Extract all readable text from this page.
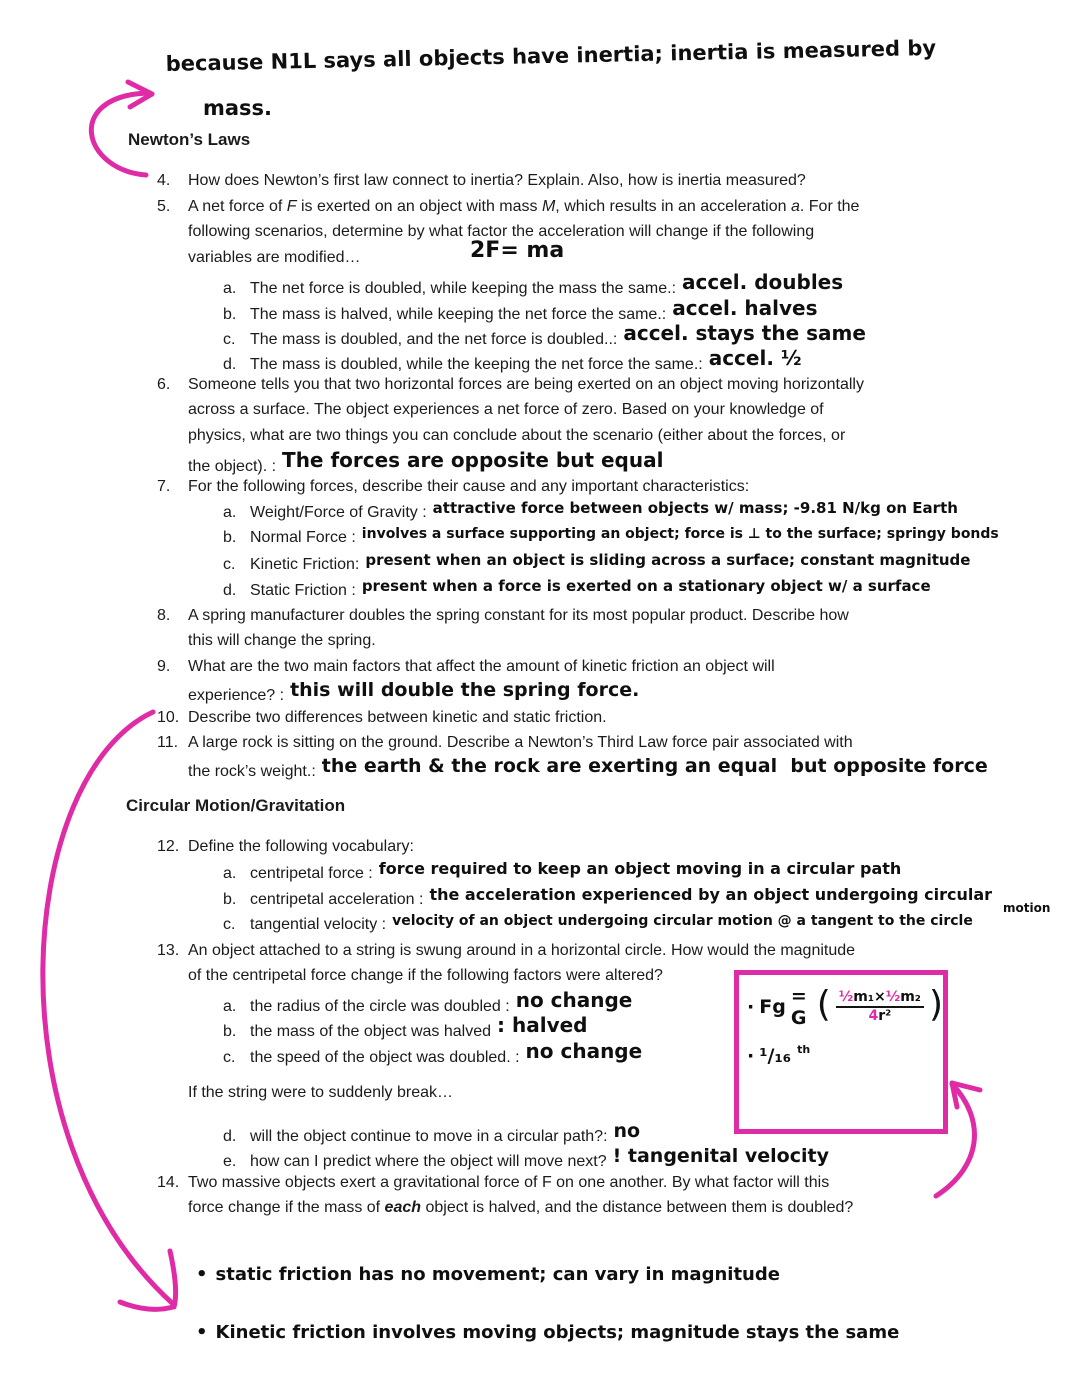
because N1L says all objects have inertia; inertia is measured by
mass.
Newton’s Laws
4. How does Newton’s first law connect to inertia? Explain. Also, how is inertia measured?
5. A net force of F is exerted on an object with mass M, which results in an acceleration a. For the
following scenarios, determine by what factor the acceleration will change if the following
variables are modified…	2F= ma
a. The net force is doubled, while keeping the mass the same.: accel. doubles
b. The mass is halved, while keeping the net force the same.: accel. halves
c. The mass is doubled, and the net force is doubled..: accel. stays the same
d. The mass is doubled, while the keeping the net force the same.: accel. ½
6. Someone tells you that two horizontal forces are being exerted on an object moving horizontally
across a surface. The object experiences a net force of zero. Based on your knowledge of
physics, what are two things you can conclude about the scenario (either about the forces, or
the object). : The forces are opposite but equal
7. For the following forces, describe their cause and any important characteristics:
a. Weight/Force of Gravity : attractive force between objects w/ mass; -9.81 N/kg on Earth
b. Normal Force : involves a surface supporting an object; force is ⊥ to the surface; springy bonds
c. Kinetic Friction: present when an object is sliding across a surface; constant magnitude
d. Static Friction : present when a force is exerted on a stationary object w/ a surface
8. A spring manufacturer doubles the spring constant for its most popular product. Describe how
this will change the spring.
9. What are the two main factors that affect the amount of kinetic friction an object will
experience? : this will double the spring force.
10. Describe two differences between kinetic and static friction.
11. A large rock is sitting on the ground. Describe a Newton’s Third Law force pair associated with
the rock’s weight.: the earth & the rock are exerting an equal  but opposite force
Circular Motion/Gravitation
12. Define the following vocabulary:
a. centripetal force : force required to keep an object moving in a circular path
b. centripetal acceleration : the acceleration experienced by an object undergoing circular
c. tangential velocity : velocity of an object undergoing circular motion @ a tangent to the circle
motion
13. An object attached to a string is swung around in a horizontal circle. How would the magnitude
of the centripetal force change if the following factors were altered?
a. the radius of the circle was doubled : no change
b. the mass of the object was halved : halved
c. the speed of the object was doubled. : no change
If the string were to suddenly break…
d. will the object continue to move in a circular path?: no
e. how can I predict where the object will move next? ! tangenital velocity
14. Two massive objects exert a gravitational force of F on one another. By what factor will this
force change if the mass of each object is halved, and the distance between them is doubled?
· Fg = G ( $\frac{\text{½m₁×½m₂}}{\text{4r²}}$ )
· ¹/₁₆ th
• static friction has no movement; can vary in magnitude
• Kinetic friction involves moving objects; magnitude stays the same
